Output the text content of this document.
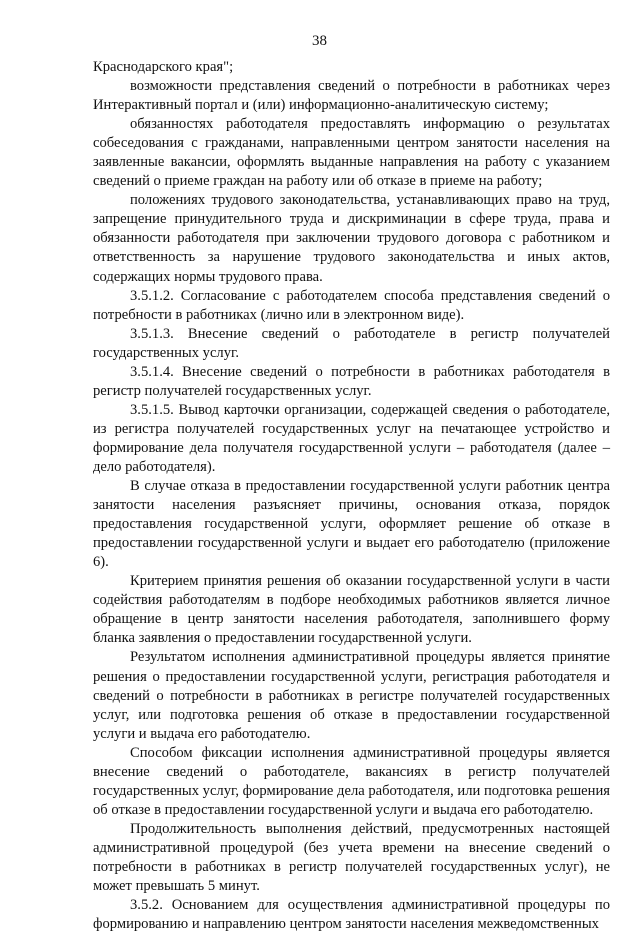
38

Краснодарского края";

возможности представления сведений о потребности в работниках через Интерактивный портал и (или) информационно-аналитическую систему;

обязанностях работодателя предоставлять информацию о результатах собеседования с гражданами, направленными центром занятости населения на заявленные вакансии, оформлять выданные направления на работу с указанием сведений о приеме граждан на работу или об отказе в приеме на работу;

положениях трудового законодательства, устанавливающих право на труд, запрещение принудительного труда и дискриминации в сфере труда, права и обязанности работодателя при заключении трудового договора с работником и ответственность за нарушение трудового законодательства и иных актов, содержащих нормы трудового права.

3.5.1.2. Согласование с работодателем способа представления сведений о потребности в работниках (лично или в электронном виде).

3.5.1.3. Внесение сведений о работодателе в регистр получателей государственных услуг.

3.5.1.4. Внесение сведений о потребности в работниках работодателя в регистр получателей государственных услуг.

3.5.1.5. Вывод карточки организации, содержащей сведения о работодателе, из регистра получателей государственных услуг на печатающее устройство и формирование дела получателя государственной услуги – работодателя (далее – дело работодателя).

В случае отказа в предоставлении государственной услуги работник центра занятости населения разъясняет причины, основания отказа, порядок предоставления государственной услуги, оформляет решение об отказе в предоставлении государственной услуги и выдает его работодателю (приложение 6).

Критерием принятия решения об оказании государственной услуги в части содействия работодателям в подборе необходимых работников является личное обращение в центр занятости населения работодателя, заполнившего форму бланка заявления о предоставлении государственной услуги.

Результатом исполнения административной процедуры является принятие решения о предоставлении государственной услуги, регистрация работодателя и сведений о потребности в работниках в регистре получателей государственных услуг, или подготовка решения об отказе в предоставлении государственной услуги и выдача его работодателю.

Способом фиксации исполнения административной процедуры является внесение сведений о работодателе, вакансиях в регистр получателей государственных услуг, формирование дела работодателя, или подготовка решения об отказе в предоставлении государственной услуги и выдача его работодателю.

Продолжительность выполнения действий, предусмотренных настоящей административной процедурой (без учета времени на внесение сведений о потребности в работниках в регистр получателей государственных услуг), не может превышать 5 минут.

3.5.2. Основанием для осуществления административной процедуры по формированию и направлению центром занятости населения межведомственных
